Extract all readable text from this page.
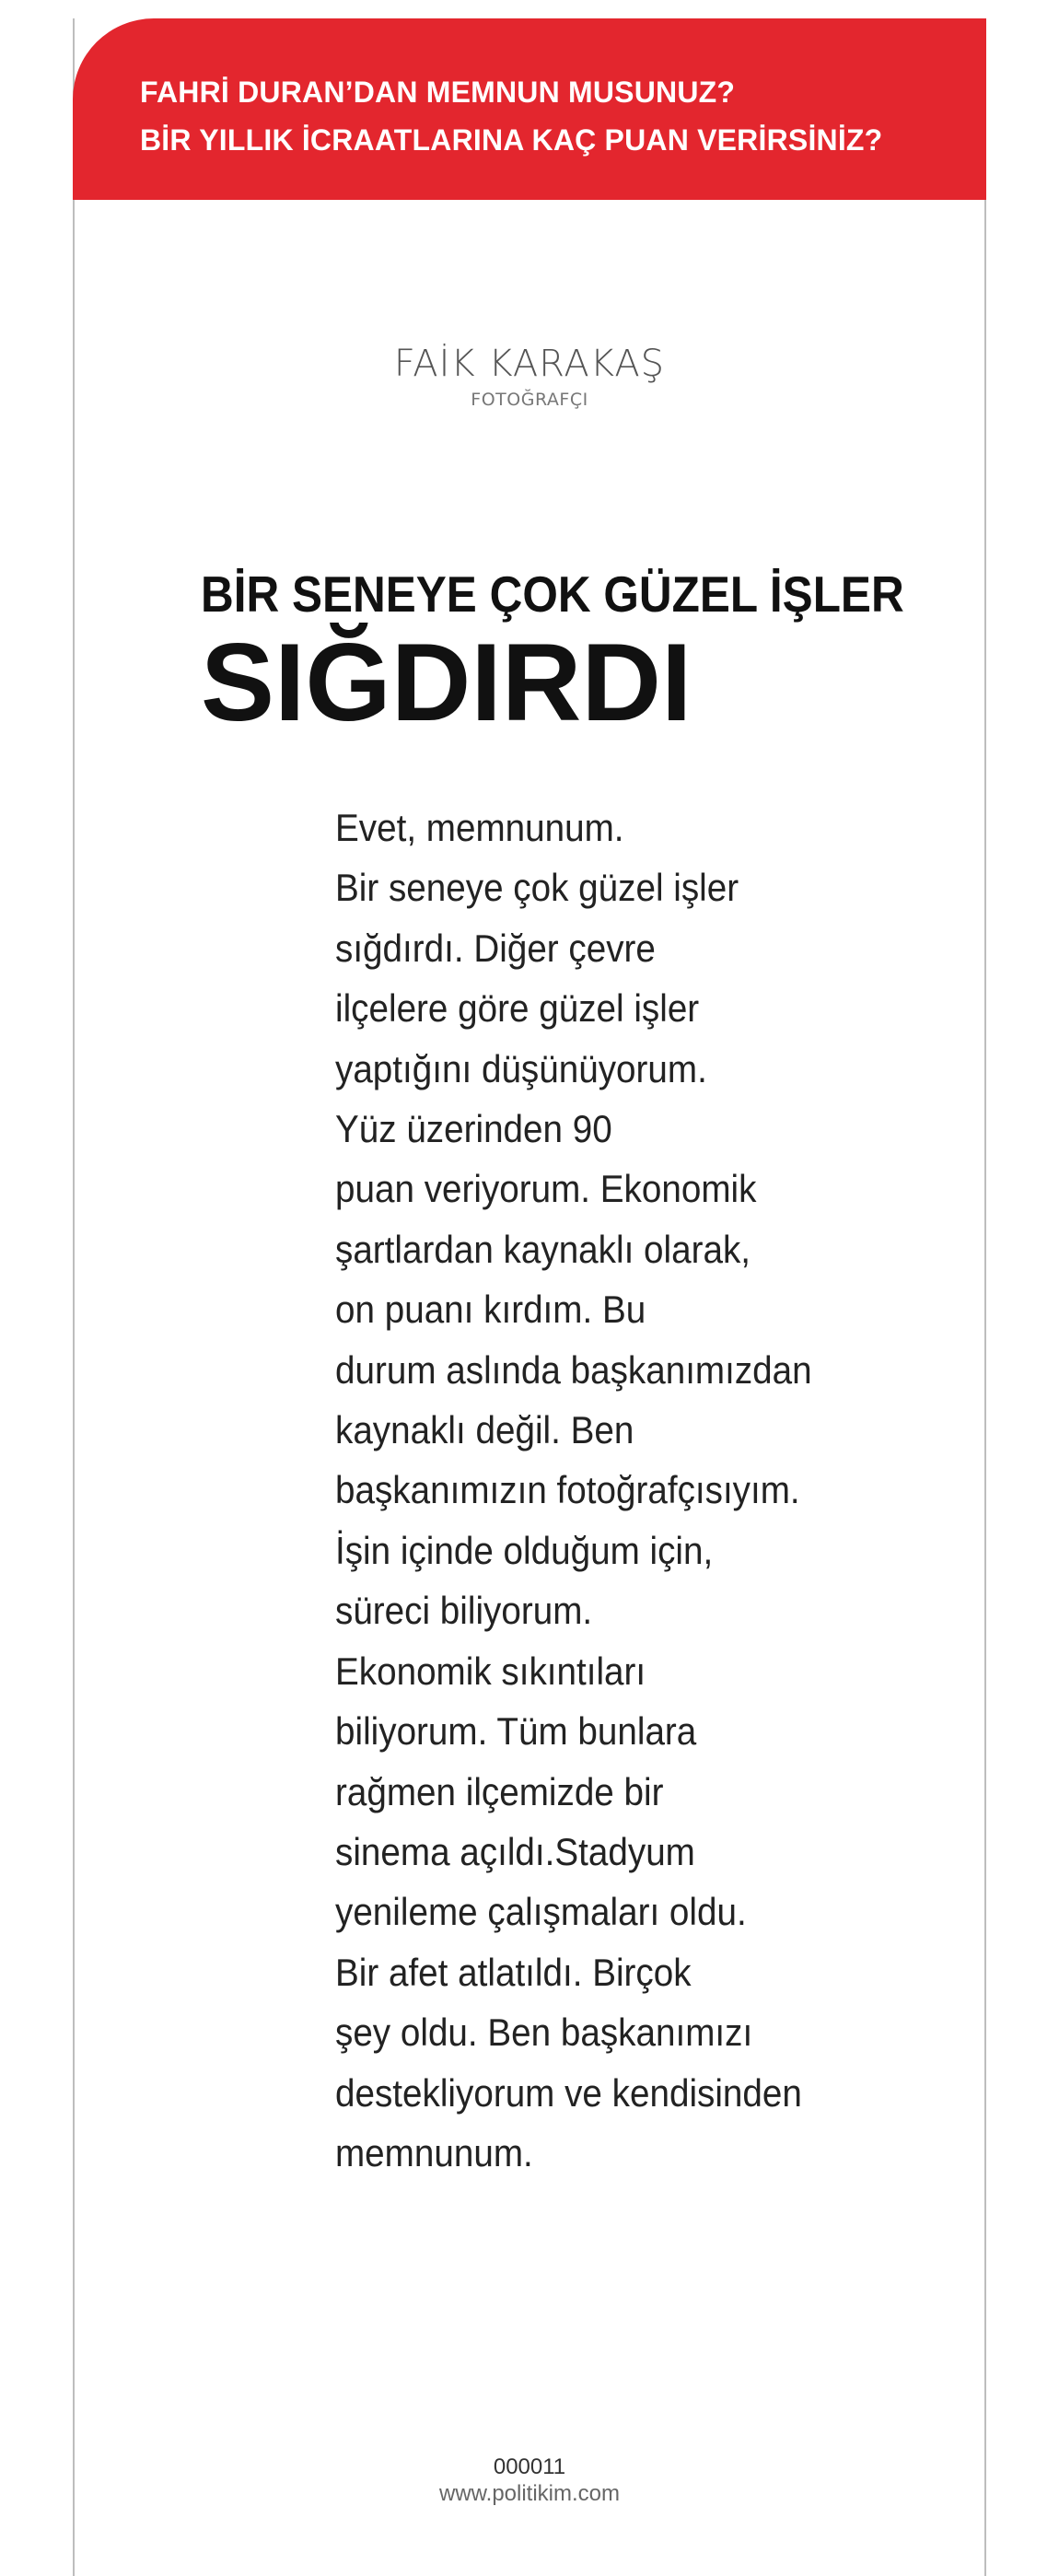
FAHRİ DURAN’DAN MEMNUN MUSUNUZ?
BİR YILLIK İCRAATLARINA KAÇ PUAN VERİRSİNİZ?
FAİK KARAKAŞ
FOTOĞRAFÇI
BİR SENEYE ÇOK GÜZEL İŞLER
SIĞDIRDI
Evet, memnunum.
Bir seneye çok güzel işler
sığdırdı. Diğer çevre
ilçelere göre güzel işler
yaptığını düşünüyorum.
Yüz üzerinden 90
puan veriyorum. Ekonomik
şartlardan kaynaklı olarak,
on puanı kırdım. Bu
durum aslında başkanımızdan
kaynaklı değil. Ben
başkanımızın fotoğrafçısıyım.
İşin içinde olduğum için,
süreci biliyorum.
Ekonomik sıkıntıları
biliyorum. Tüm bunlara
rağmen ilçemizde bir
sinema açıldı.Stadyum
yenileme çalışmaları oldu.
Bir afet atlatıldı. Birçok
şey oldu. Ben başkanımızı
destekliyorum ve kendisinden
memnunum.
000011
www.politikim.com
